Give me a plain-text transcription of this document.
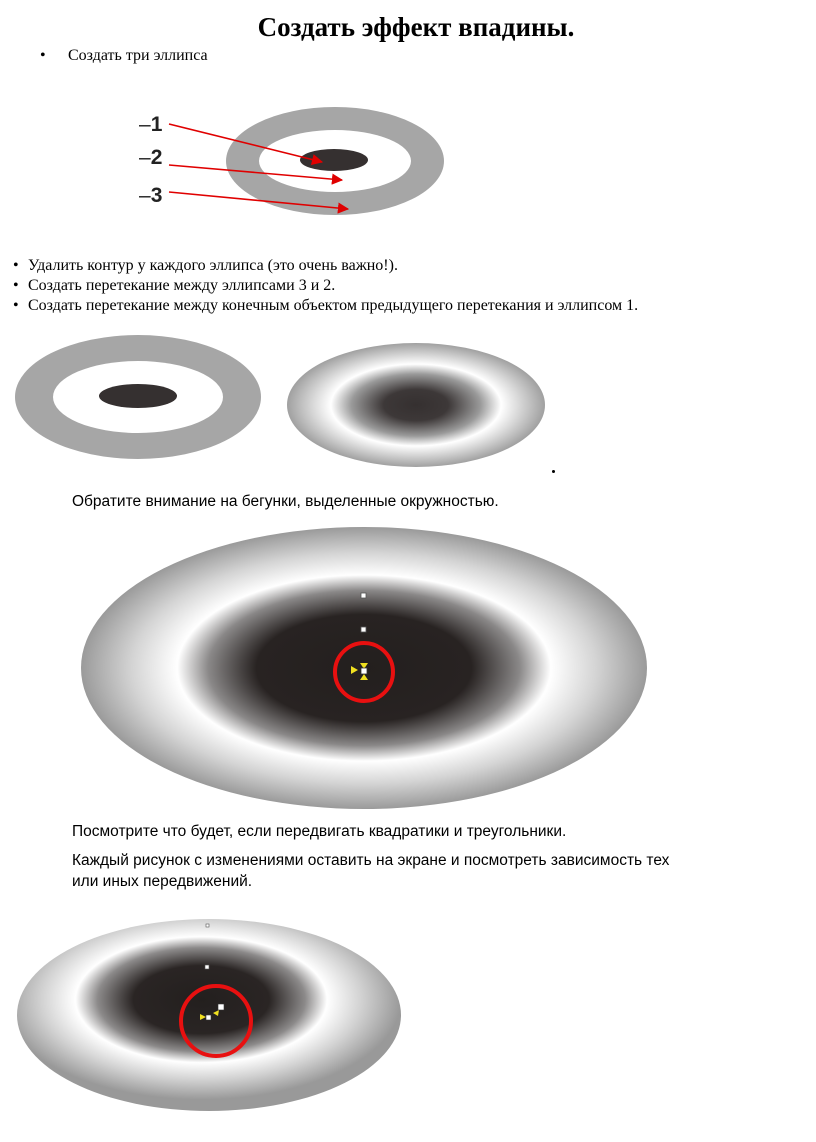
Создать эффект впадины.
• Создать три эллипса
–1
–2
–3
• Удалить контур у каждого эллипса (это очень важно!).
• Создать перетекание между эллипсами 3 и 2.
• Создать перетекание между конечным объектом предыдущего перетекания и эллипсом 1.
Обратите внимание на бегунки, выделенные окружностью.
Посмотрите что будет, если передвигать квадратики и треугольники.
Каждый рисунок с изменениями оставить на экране и посмотреть зависимость тех
или иных передвижений.
